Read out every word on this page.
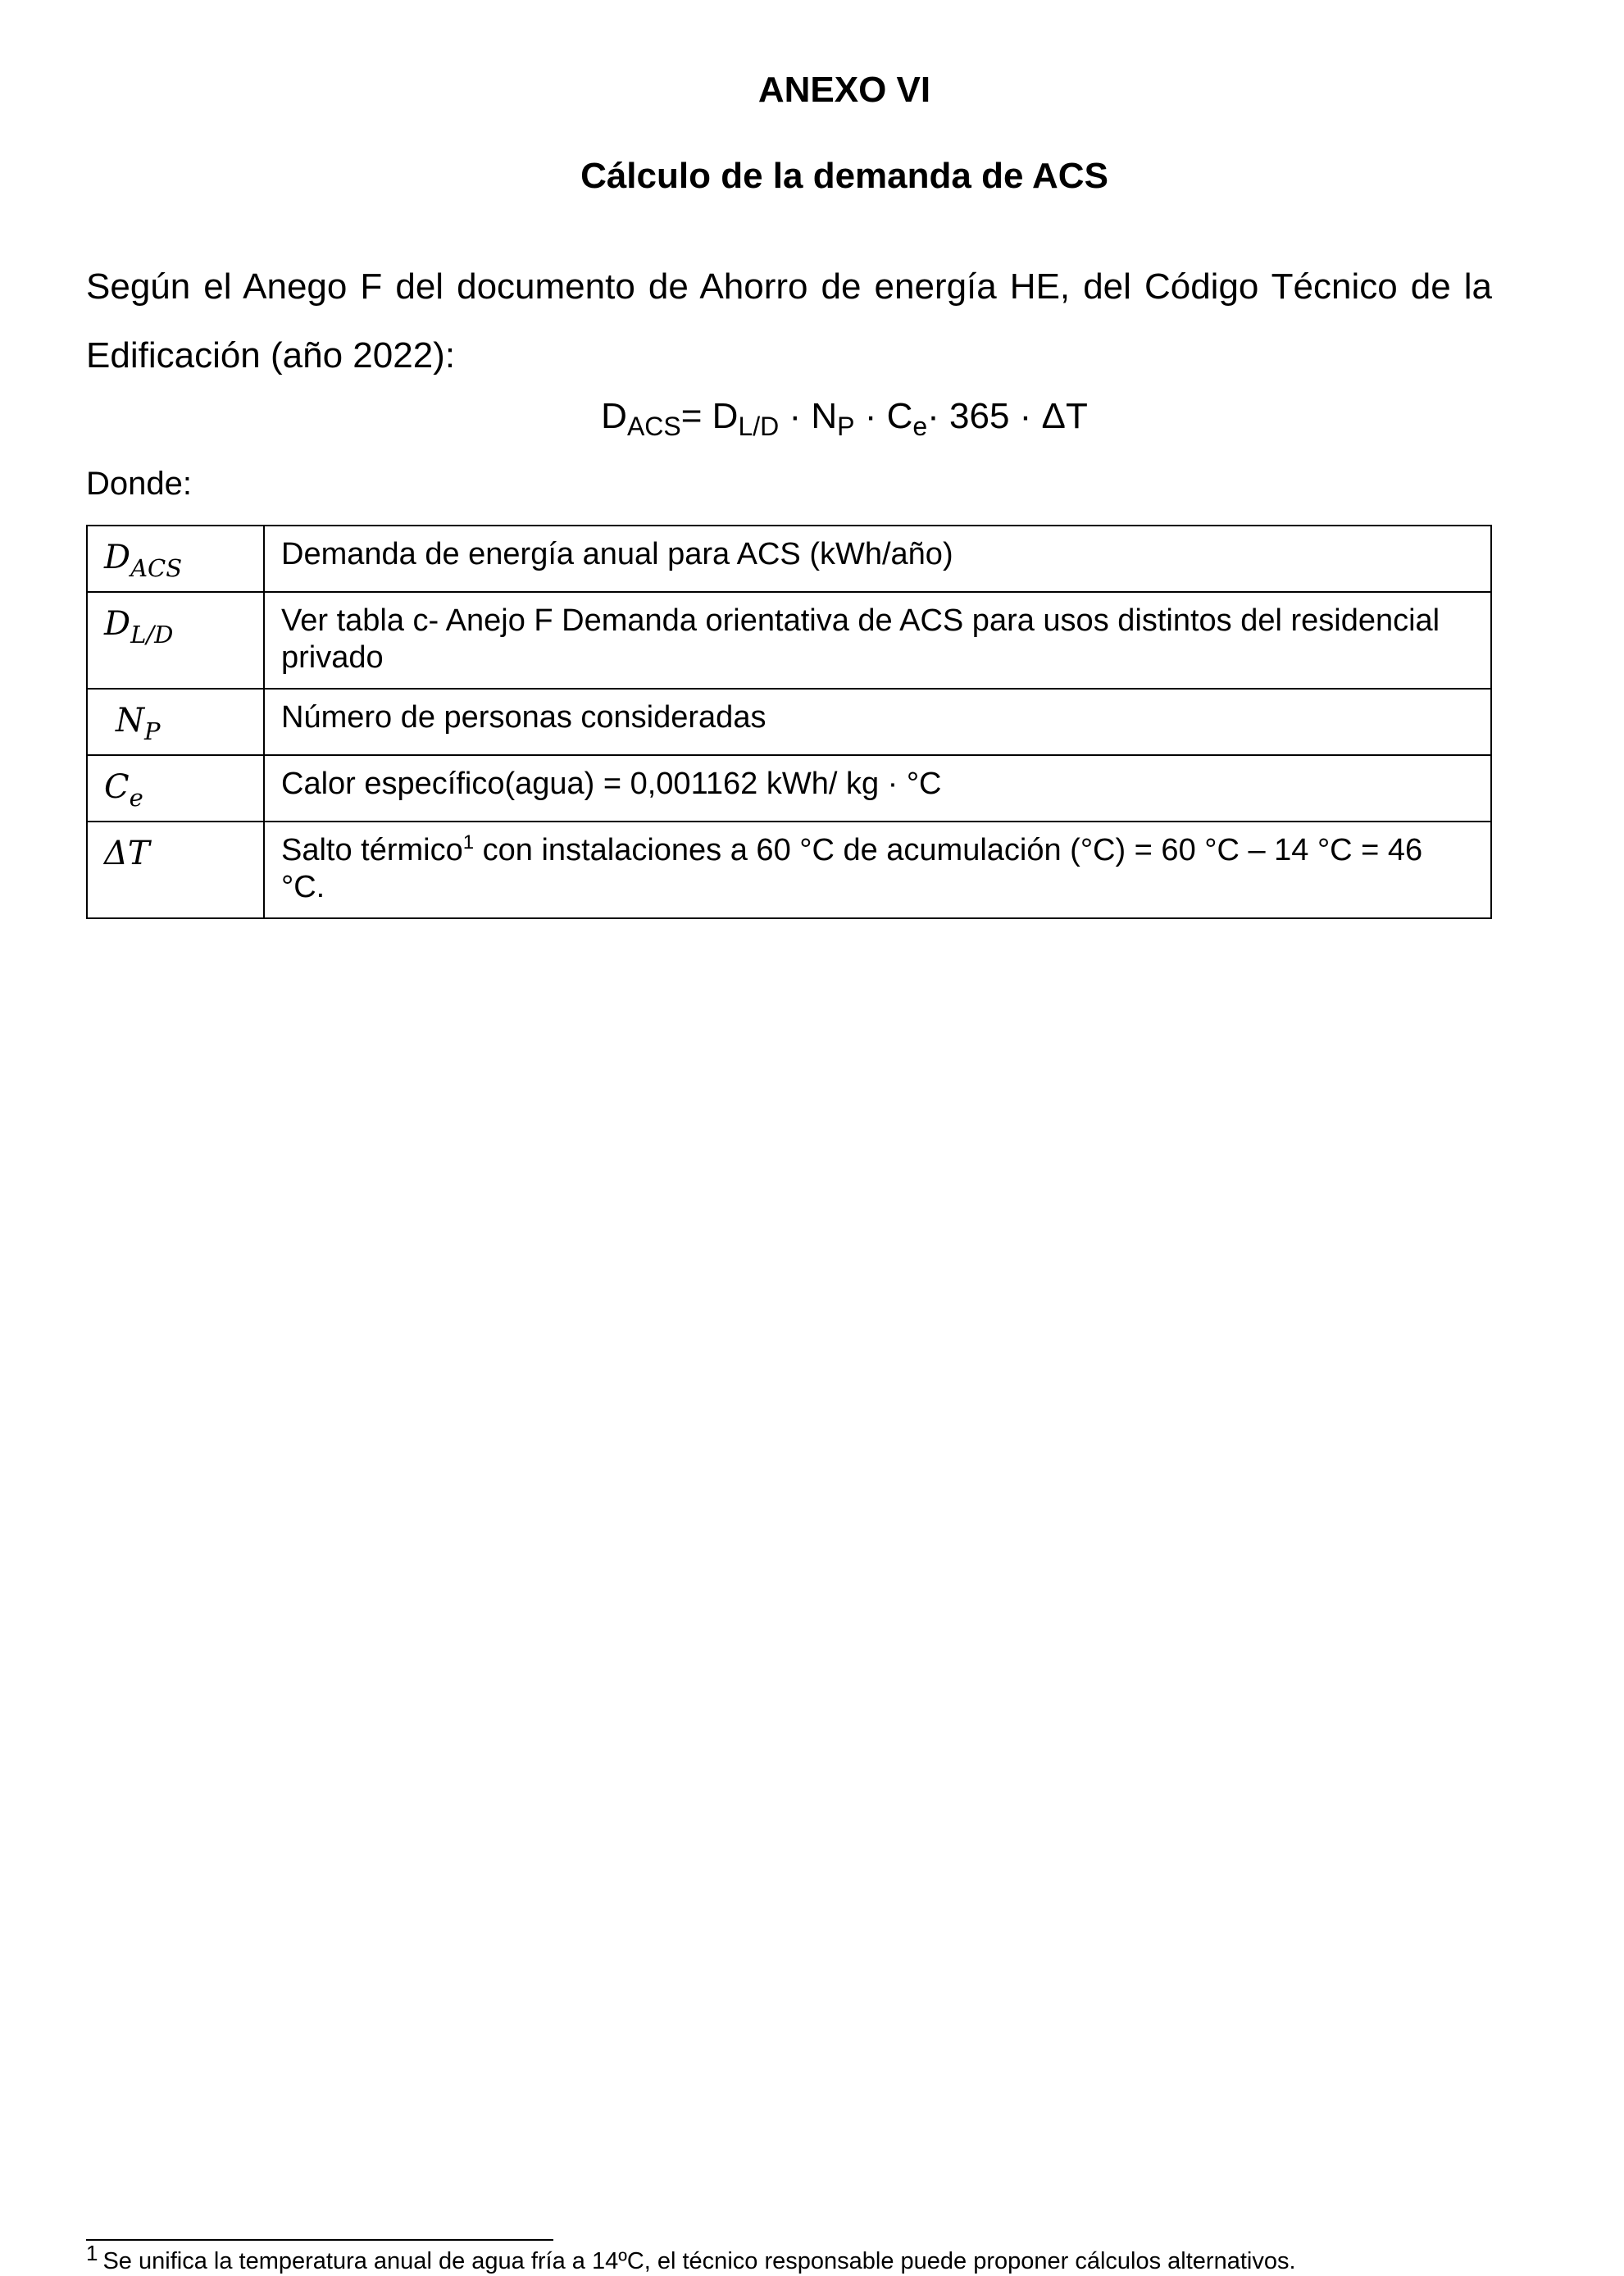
ANEXO VI
Cálculo de la demanda de ACS

Según el Anego F del documento de Ahorro de energía HE, del Código Técnico de la Edificación (año 2022):

$D_{ACS}= D_{L/D} \cdot N_P \cdot C_e\cdot 365 \cdot \Delta T$
Donde:
$D_{ACS}$	Demanda de energía anual para ACS (kWh/año)
$D_{L/D}$	Ver tabla c- Anejo F Demanda orientativa de ACS para usos distintos del residencial privado
$N_P$	Número de personas consideradas
$C_e$	Calor específico(agua) = 0,001162 kWh/ kg · °C
ΔT	Salto térmico$^1$ con instalaciones a 60 °C de acumulación (°C) = 60 °C – 14 °C = 46 °C.
$^1$ Se unifica la temperatura anual de agua fría a 14ºC, el técnico responsable puede proponer cálculos alternativos.
